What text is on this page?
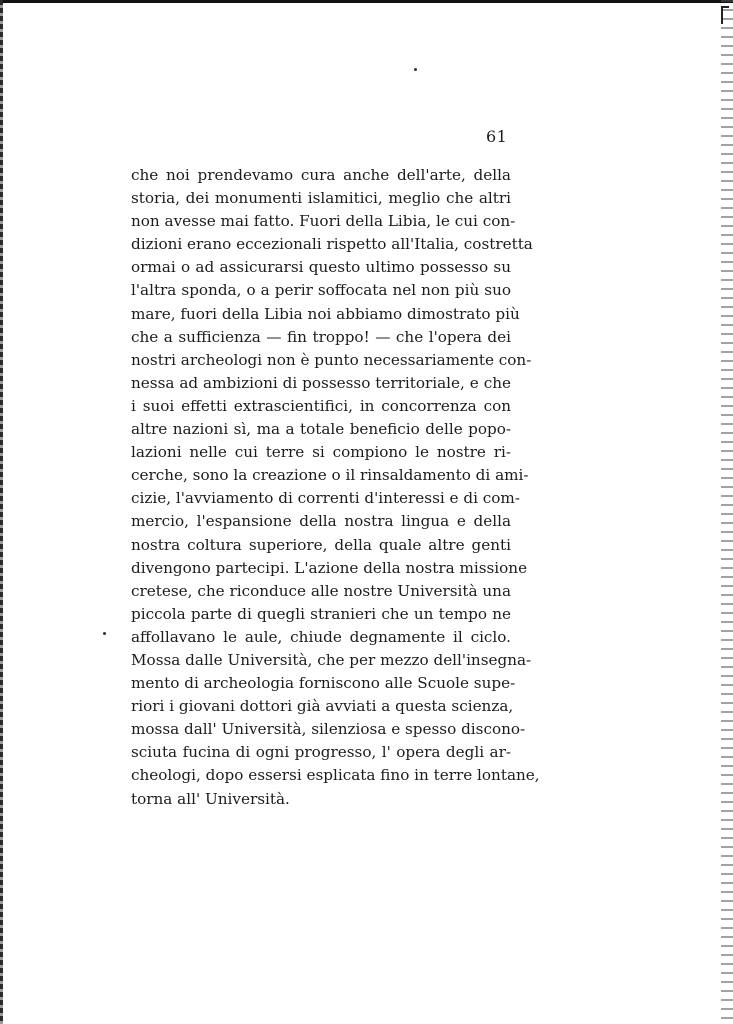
61
che noi prendevamo cura anche dell'arte, della
storia, dei monumenti islamitici, meglio che altri
non avesse mai fatto. Fuori della Libia, le cui con-
dizioni erano eccezionali rispetto all'Italia, costretta
ormai o ad assicurarsi questo ultimo possesso su
l'altra sponda, o a perir soffocata nel non più suo
mare, fuori della Libia noi abbiamo dimostrato più
che a sufficienza — fin troppo! — che l'opera dei
nostri archeologi non è punto necessariamente con-
nessa ad ambizioni di possesso territoriale, e che
i suoi effetti extrascientifici, in concorrenza con
altre nazioni sì, ma a totale beneficio delle popo-
lazioni nelle cui terre si compiono le nostre ri-
cerche, sono la creazione o il rinsaldamento di ami-
cizie, l'avviamento di correnti d'interessi e di com-
mercio, l'espansione della nostra lingua e della
nostra coltura superiore, della quale altre genti
divengono partecipi. L'azione della nostra missione
cretese, che riconduce alle nostre Università una
piccola parte di quegli stranieri che un tempo ne
affollavano le aule, chiude degnamente il ciclo.
Mossa dalle Università, che per mezzo dell'insegna-
mento di archeologia forniscono alle Scuole supe-
riori i giovani dottori già avviati a questa scienza,
mossa dall' Università, silenziosa e spesso discono-
sciuta fucina di ogni progresso, l' opera degli ar-
cheologi, dopo essersi esplicata fino in terre lontane,
torna all' Università.
